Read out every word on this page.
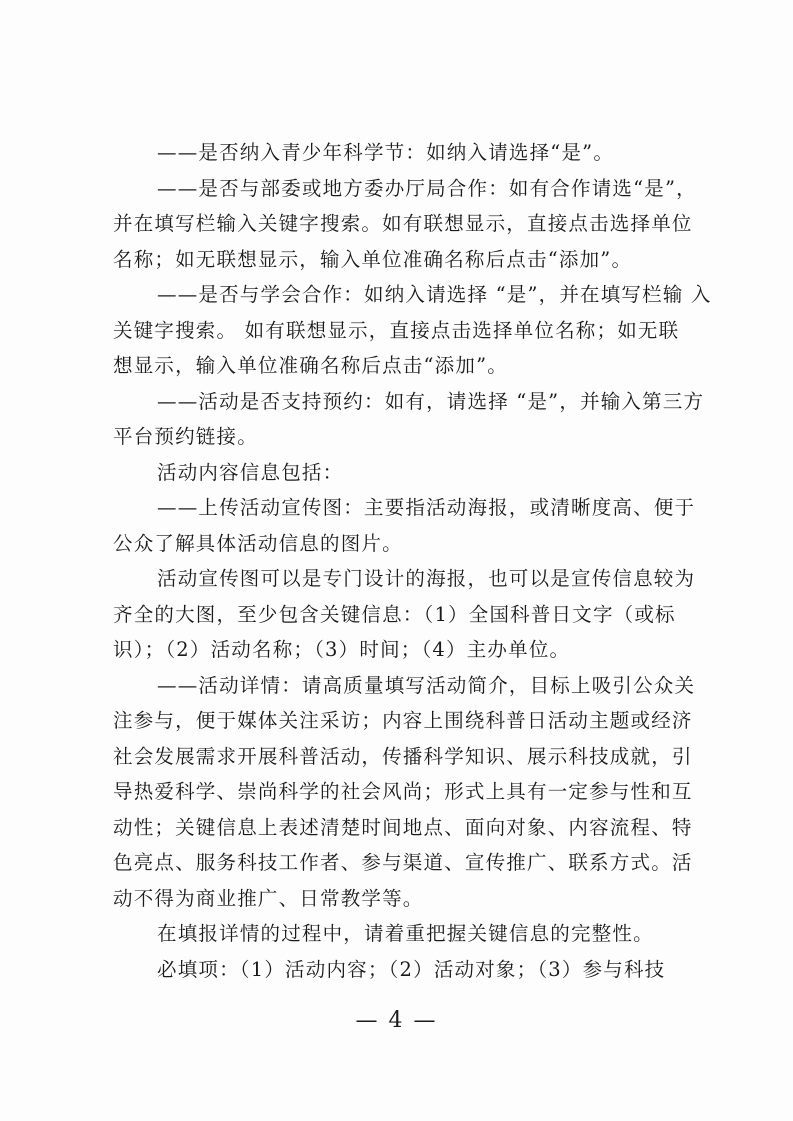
——是否纳入青少年科学节：如纳入请选择“是”。
——是否与部委或地方委办厅局合作：如有合作请选“是”，
并在填写栏输入关键字搜索。如有联想显示，直接点击选择单位
名称；如无联想显示，输入单位准确名称后点击“添加”。
——是否与学会合作：如纳入请选择 “是”，并在填写栏输 入
关键字搜索。 如有联想显示，直接点击选择单位名称；如无联
想显示，输入单位准确名称后点击“添加”。
——活动是否支持预约：如有，请选择 “是”，并输入第三方
平台预约链接。
活动内容信息包括：
——上传活动宣传图：主要指活动海报，或清晰度高、便于
公众了解具体活动信息的图片。
活动宣传图可以是专门设计的海报，也可以是宣传信息较为
齐全的大图，至少包含关键信息：（1）全国科普日文字（或标
识）；（2）活动名称；（3）时间；（4）主办单位。
——活动详情：请高质量填写活动简介，目标上吸引公众关
注参与，便于媒体关注采访；内容上围绕科普日活动主题或经济
社会发展需求开展科普活动，传播科学知识、展示科技成就，引
导热爱科学、崇尚科学的社会风尚；形式上具有一定参与性和互
动性；关键信息上表述清楚时间地点、面向对象、内容流程、特
色亮点、服务科技工作者、参与渠道、宣传推广、联系方式。活
动不得为商业推广、日常教学等。
在填报详情的过程中，请着重把握关键信息的完整性。
必填项：（1）活动内容；（2）活动对象；（3）参与科技
— 4 —
